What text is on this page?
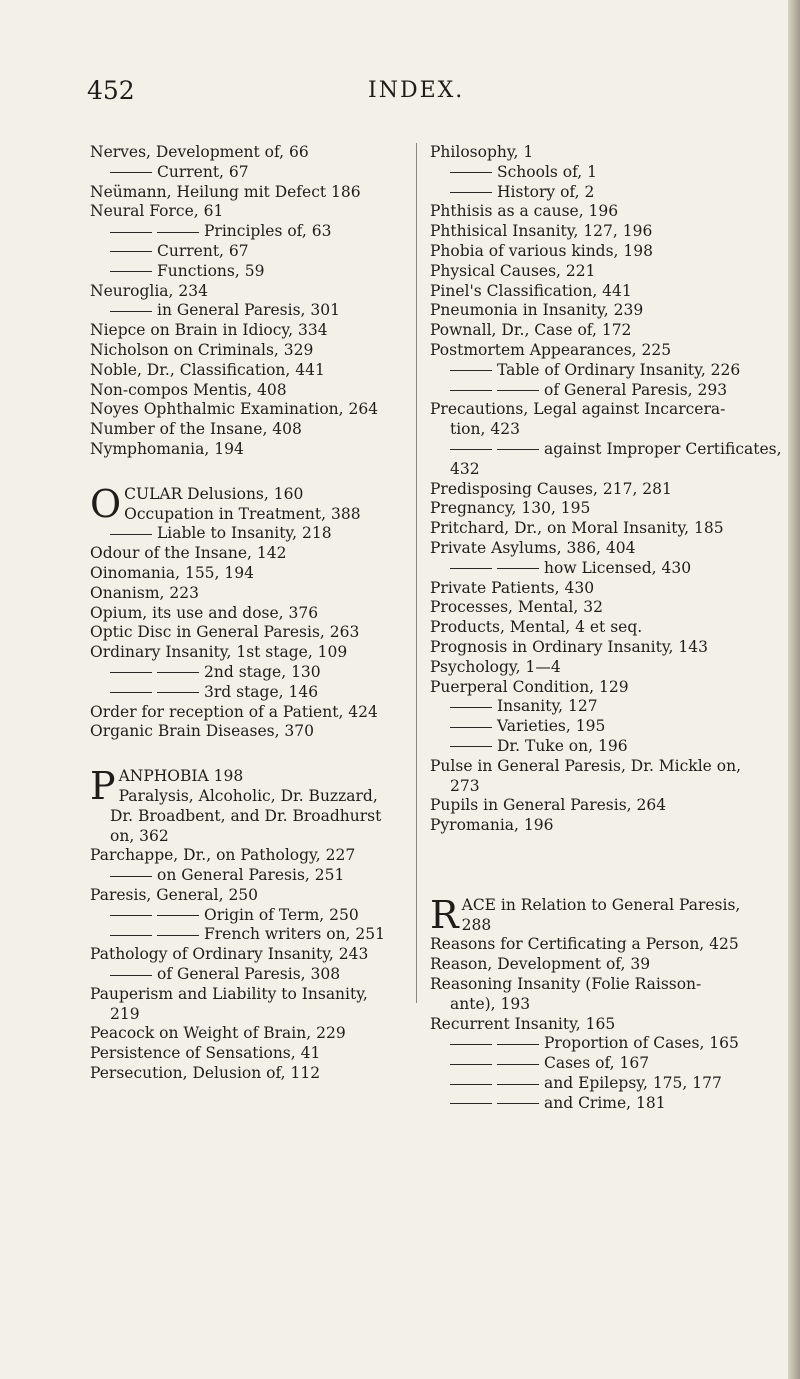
452	INDEX.
Nerves, Development of, 66
Current, 67
Neümann, Heilung mit Defect 186
Neural Force, 61
Principles of, 63
Current, 67
Functions, 59
Neuroglia, 234
in General Paresis, 301
Niepce on Brain in Idiocy, 334
Nicholson on Criminals, 329
Noble, Dr., Classification, 441
Non-compos Mentis, 408
Noyes Ophthalmic Examination, 264
Number of the Insane, 408
Nymphomania, 194
OCULAR Delusions, 160
Occupation in Treatment, 388
Liable to Insanity, 218
Odour of the Insane, 142
Oinomania, 155, 194
Onanism, 223
Opium, its use and dose, 376
Optic Disc in General Paresis, 263
Ordinary Insanity, 1st stage, 109
2nd stage, 130
3rd stage, 146
Order for reception of a Patient, 424
Organic Brain Diseases, 370
PANPHOBIA 198
Paralysis, Alcoholic, Dr. Buzzard,
Dr. Broadbent, and Dr. Broadhurst
on, 362
Parchappe, Dr., on Pathology, 227
on General Paresis, 251
Paresis, General, 250
Origin of Term, 250
French writers on, 251
Pathology of Ordinary Insanity, 243
of General Paresis, 308
Pauperism and Liability to Insanity,
219
Peacock on Weight of Brain, 229
Persistence of Sensations, 41
Persecution, Delusion of, 112
Philosophy, 1
Schools of, 1
History of, 2
Phthisis as a cause, 196
Phthisical Insanity, 127, 196
Phobia of various kinds, 198
Physical Causes, 221
Pinel's Classification, 441
Pneumonia in Insanity, 239
Pownall, Dr., Case of, 172
Postmortem Appearances, 225
Table of Ordinary Insanity, 226
of General Paresis, 293
Precautions, Legal against Incarcera-
tion, 423
against Improper Certificates,
432
Predisposing Causes, 217, 281
Pregnancy, 130, 195
Pritchard, Dr., on Moral Insanity, 185
Private Asylums, 386, 404
how Licensed, 430
Private Patients, 430
Processes, Mental, 32
Products, Mental, 4 et seq.
Prognosis in Ordinary Insanity, 143
Psychology, 1—4
Puerperal Condition, 129
Insanity, 127
Varieties, 195
Dr. Tuke on, 196
Pulse in General Paresis, Dr. Mickle on,
273
Pupils in General Paresis, 264
Pyromania, 196
RACE in Relation to General Paresis,
288
Reasons for Certificating a Person, 425
Reason, Development of, 39
Reasoning Insanity (Folie Raisson-
ante), 193
Recurrent Insanity, 165
Proportion of Cases, 165
Cases of, 167
and Epilepsy, 175, 177
and Crime, 181
